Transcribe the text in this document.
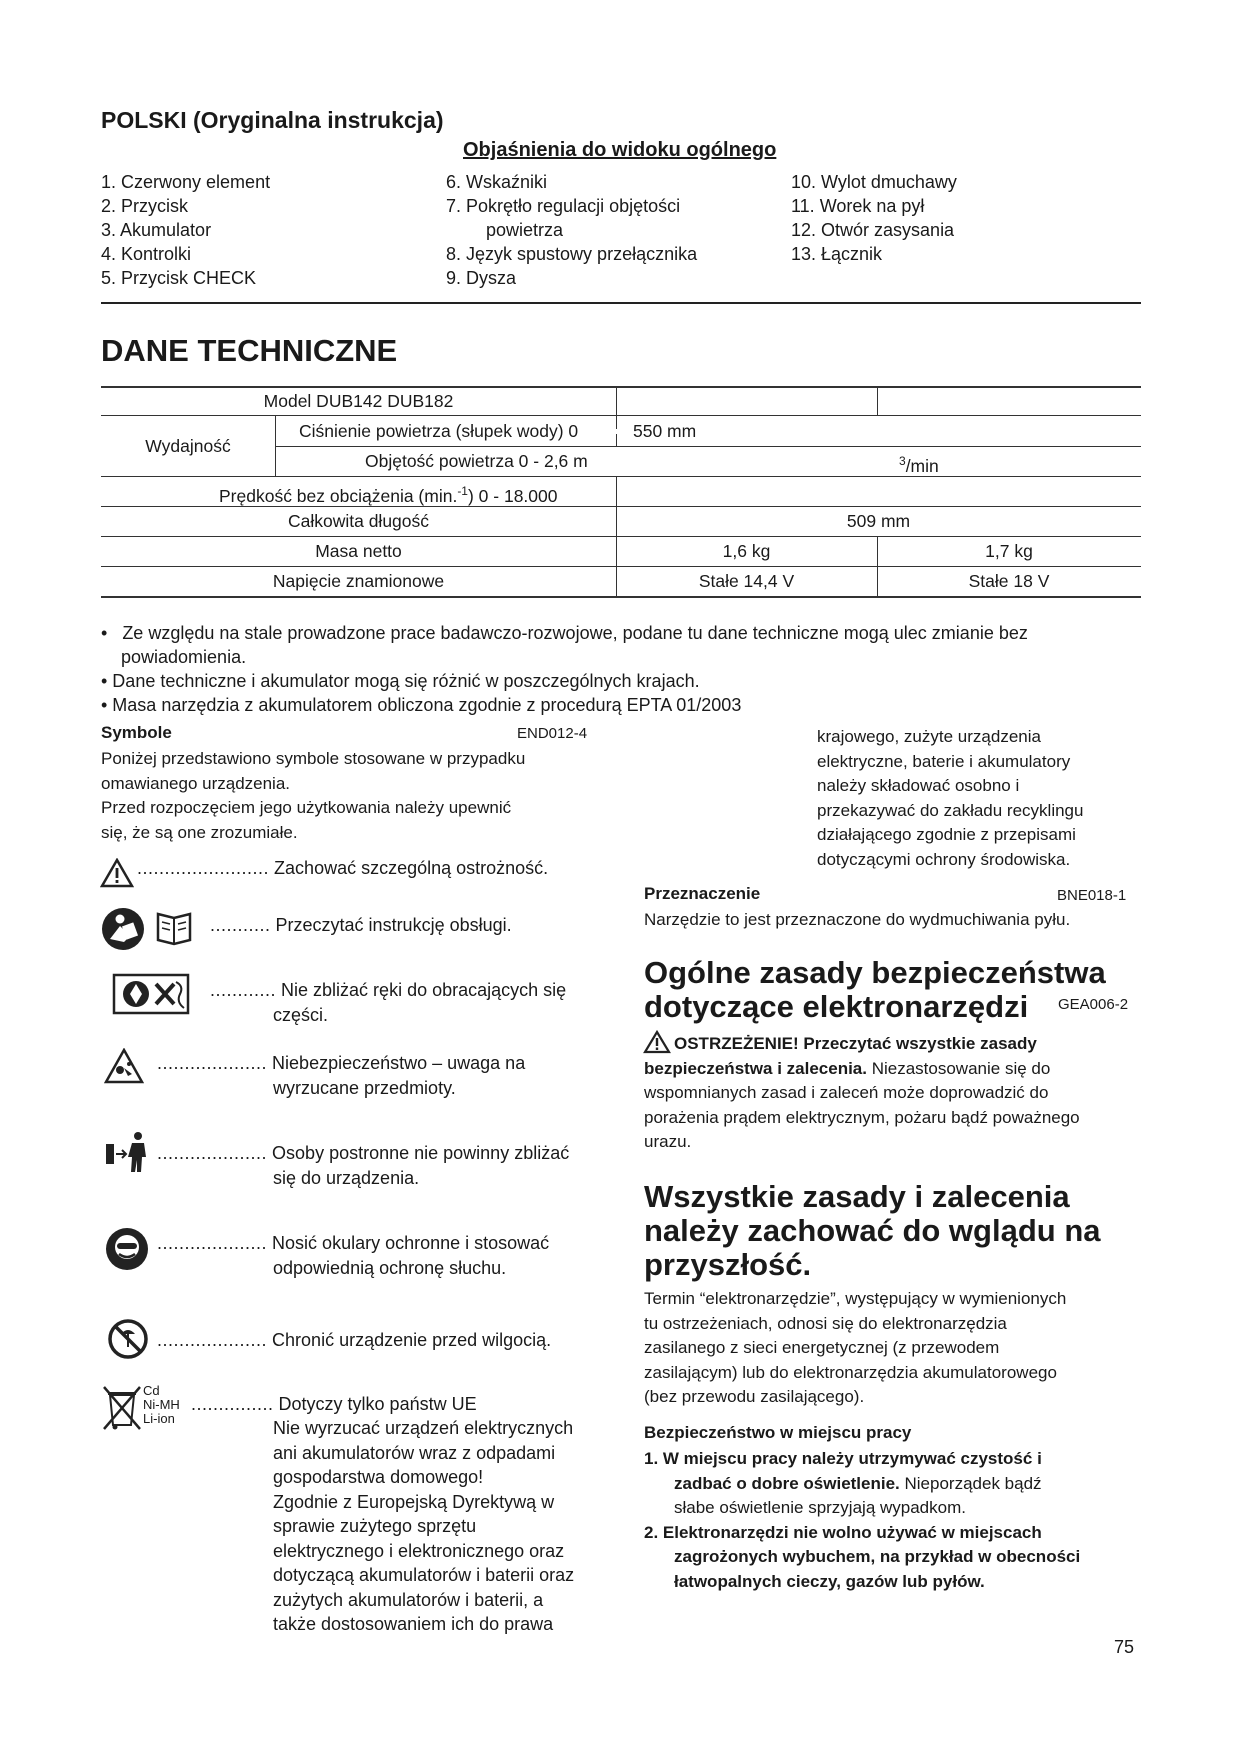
POLSKI (Oryginalna instrukcja)
Objaśnienia do widoku ogólnego
1. Czerwony element
2. Przycisk
3. Akumulator
4. Kontrolki
5. Przycisk CHECK
6. Wskaźniki
7. Pokrętło regulacji objętości
powietrza
8. Język spustowy przełącznika
9. Dysza
10. Wylot dmuchawy
11. Worek na pył
12. Otwór zasysania
13. Łącznik
DANE TECHNICZNE
Model DUB142 DUB182
Wydajność
Ciśnienie powietrza (słupek wody) 0	550 mm
Objętość powietrza 0 - 2,6 m	$^3$/min
Prędkość bez obciążenia (min.$^{-1}$) 0 - 18.000
Całkowita długość	509 mm
Masa netto	1,6 kg	1,7 kg
Napięcie znamionowe	Stałe 14,4 V	Stałe 18 V
•   Ze względu na stale prowadzone prace badawczo-rozwojowe, podane tu dane techniczne mogą ulec zmianie bez
powiadomienia.
• Dane techniczne i akumulator mogą się różnić w poszczególnych krajach.
• Masa narzędzia z akumulatorem obliczona zgodnie z procedurą EPTA 01/2003
Symbole	END012-4
Poniżej przedstawiono symbole stosowane w przypadku
omawianego urządzenia.
Przed rozpoczęciem jego użytkowania należy upewnić
się, że są one zrozumiałe.
........................ Zachować szczególną ostrożność.
........... Przeczytać instrukcję obsługi.
............ Nie zbliżać ręki do obracających się
części.
.................... Niebezpieczeństwo – uwaga na
wyrzucane przedmioty.
.................... Osoby postronne nie powinny zbliżać
się do urządzenia.
.................... Nosić okulary ochronne i stosować
odpowiednią ochronę słuchu.
.................... Chronić urządzenie przed wilgocią.
Cd
Ni-MH
Li-ion
............... Dotyczy tylko państw UE
Nie wyrzucać urządzeń elektrycznych
ani akumulatorów wraz z odpadami
gospodarstwa domowego!
Zgodnie z Europejską Dyrektywą w
sprawie zużytego sprzętu
elektrycznego i elektronicznego oraz
dotyczącą akumulatorów i baterii oraz
zużytych akumulatorów i baterii, a
także dostosowaniem ich do prawa
krajowego, zużyte urządzenia
elektryczne, baterie i akumulatory
należy składować osobno i
przekazywać do zakładu recyklingu
działającego zgodnie z przepisami
dotyczącymi ochrony środowiska.
Przeznaczenie	BNE018-1
Narzędzie to jest przeznaczone do wydmuchiwania pyłu.
Ogólne zasady bezpieczeństwa
dotyczące elektronarzędzi	GEA006-2
OSTRZEŻENIE! Przeczytać wszystkie zasady
bezpieczeństwa i zalecenia. Niezastosowanie się do
wspomnianych zasad i zaleceń może doprowadzić do
porażenia prądem elektrycznym, pożaru bądź poważnego
urazu.
Wszystkie zasady i zalecenia
należy zachować do wglądu na
przyszłość.
Termin “elektronarzędzie”, występujący w wymienionych
tu ostrzeżeniach, odnosi się do elektronarzędzia
zasilanego z sieci energetycznej (z przewodem
zasilającym) lub do elektronarzędzia akumulatorowego
(bez przewodu zasilającego).
Bezpieczeństwo w miejscu pracy
1. W miejscu pracy należy utrzymywać czystość i
zadbać o dobre oświetlenie. Nieporządek bądź
słabe oświetlenie sprzyjają wypadkom.
2. Elektronarzędzi nie wolno używać w miejscach
zagrożonych wybuchem, na przykład w obecności
łatwopalnych cieczy, gazów lub pyłów.
75
